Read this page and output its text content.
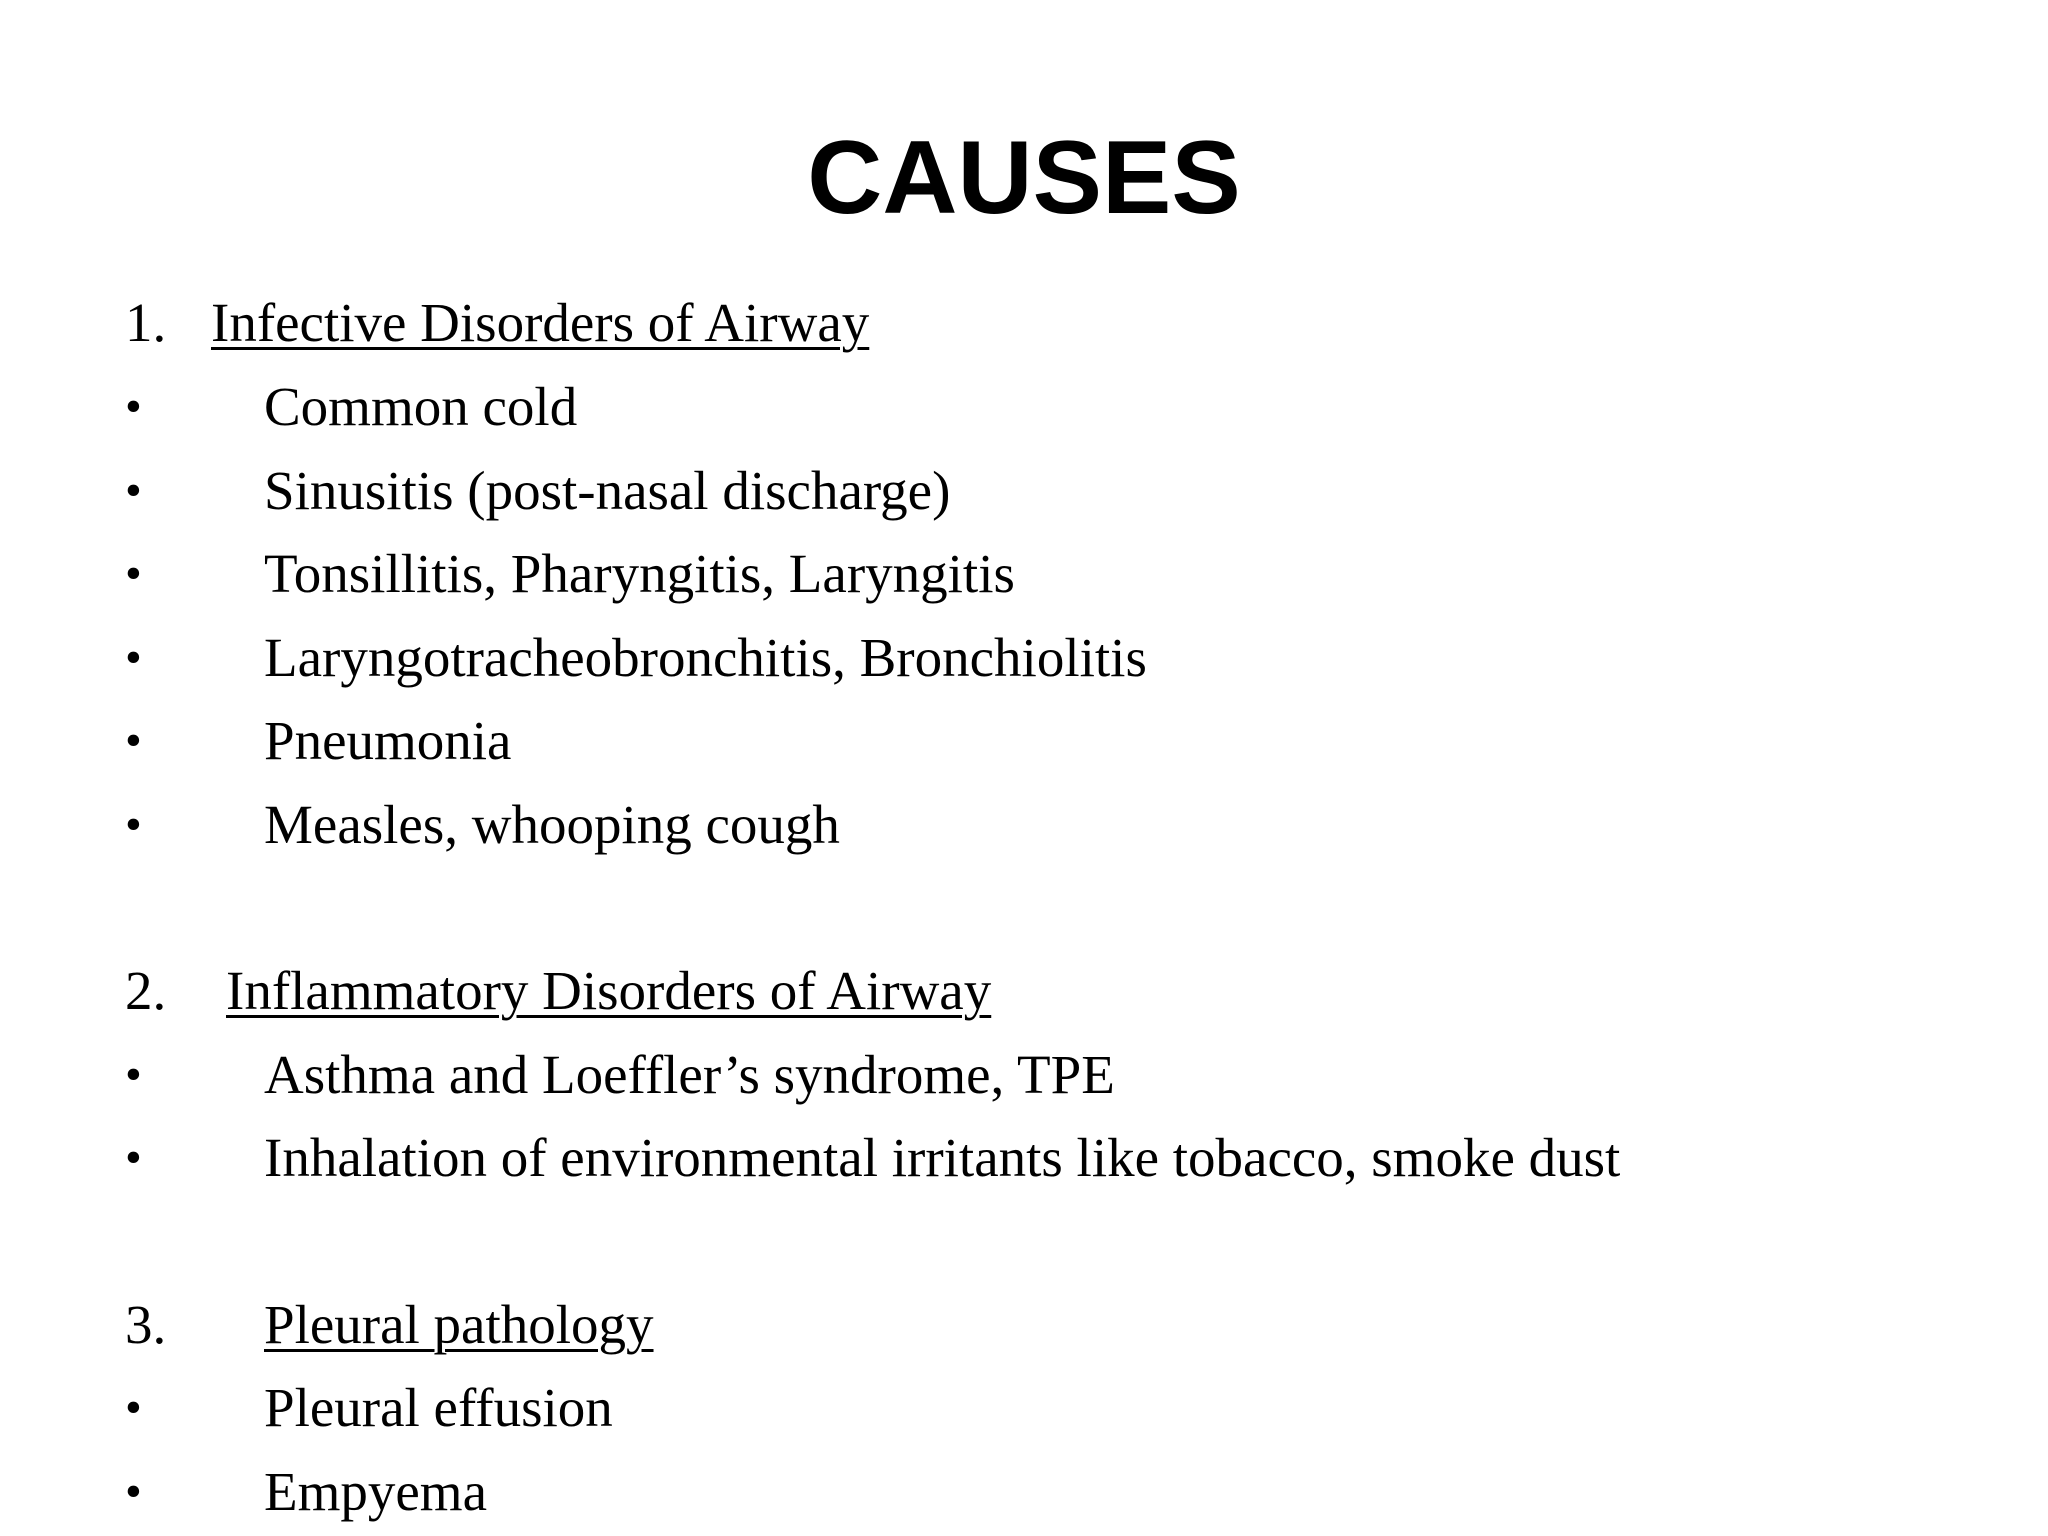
CAUSES
1. Infective Disorders of Airway
• Common cold
• Sinusitis (post-nasal discharge)
• Tonsillitis, Pharyngitis, Laryngitis
• Laryngotracheobronchitis, Bronchiolitis
• Pneumonia
• Measles, whooping cough
2. Inflammatory Disorders of Airway
• Asthma and Loeffler’s syndrome, TPE
• Inhalation of environmental irritants like tobacco, smoke dust
3. Pleural pathology
• Pleural effusion
• Empyema
